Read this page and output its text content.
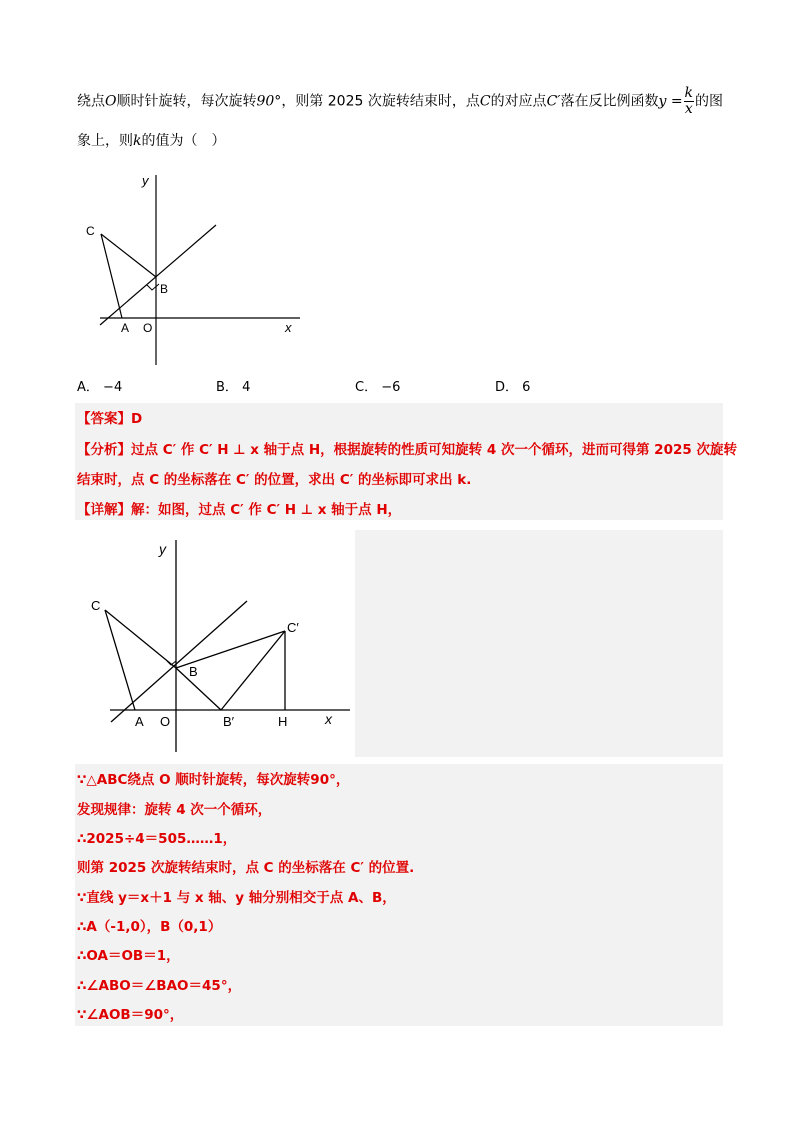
绕点O顺时针旋转，每次旋转90°，则第 2025 次旋转结束时，点C的对应点C′落在反比例函数$y = \frac{k}{x}$ 的图
象上，则k的值为（　）
y
x
C
B
A O
A． −4	B． 4	C． −6	D． 6
【答案】D
【分析】过点 C′ 作 C′ H ⊥ x 轴于点 H，根据旋转的性质可知旋转 4 次一个循环，进而可得第 2025 次旋转
结束时，点 C 的坐标落在 C′ 的位置，求出 C′ 的坐标即可求出 k.
【详解】解：如图，过点 C′ 作 C′ H ⊥ x 轴于点 H，
y
x
C
C′
B
A O	B′	H
∵△ABC绕点 O 顺时针旋转，每次旋转90°，
发现规律：旋转 4 次一个循环，
∴2025÷4＝505……1，
则第 2025 次旋转结束时，点 C 的坐标落在 C′ 的位置.
∵直线 y＝x＋1 与 x 轴、y 轴分别相交于点 A、B，
∴A（-1,0），B（0,1）
∴OA＝OB＝1，
∴∠ABO＝∠BAO＝45°，
∵∠AOB＝90°，
